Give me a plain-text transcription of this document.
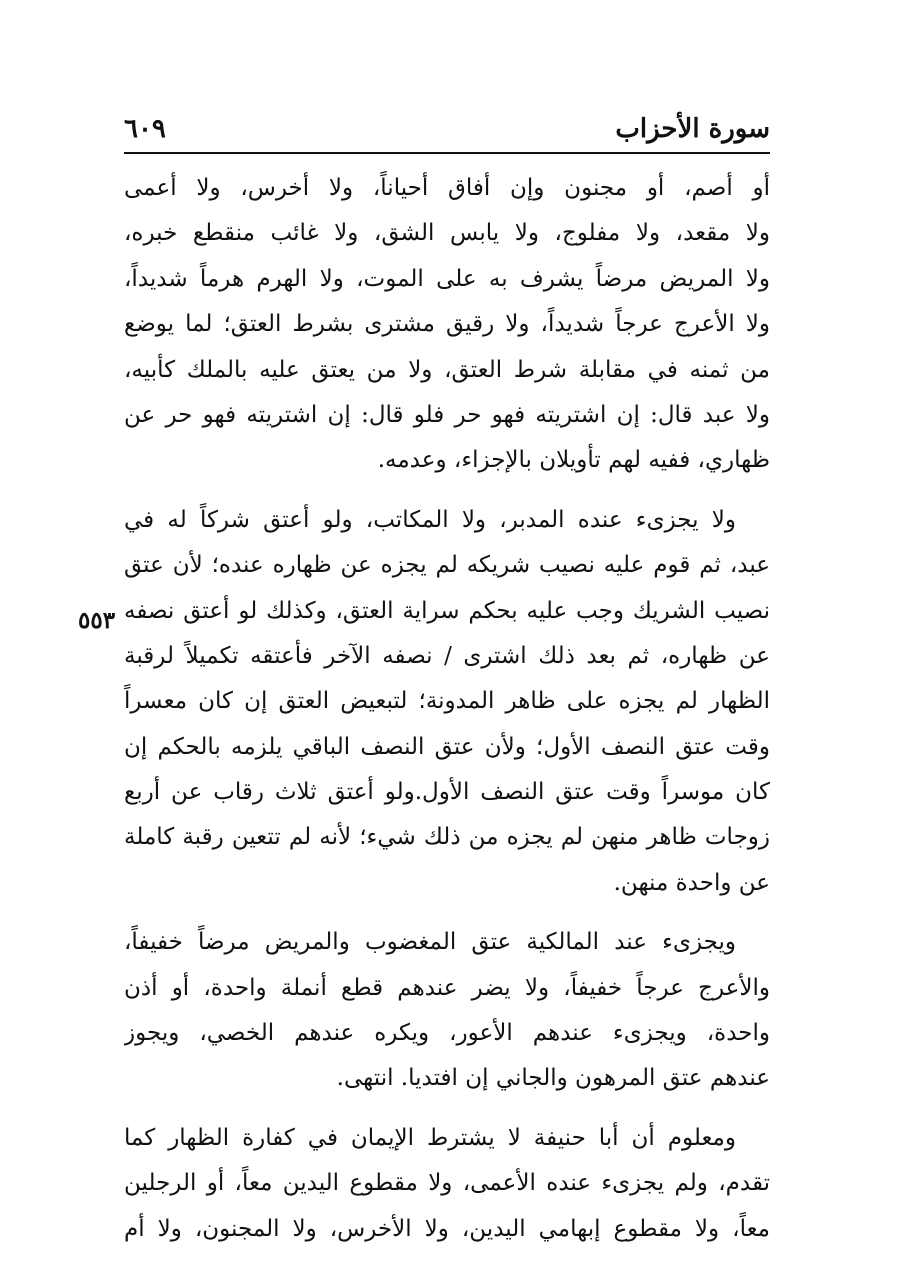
سورة الأحزاب
٦٠٩
٥٥٣

أو أصم، أو مجنون وإن أفاق أحياناً، ولا أخرس، ولا أعمى
ولا مقعد، ولا مفلوج، ولا يابس الشق، ولا غائب منقطع خبره،
ولا المريض مرضاً يشرف به على الموت، ولا الهرم هرماً شديداً،
ولا الأعرج عرجاً شديداً، ولا رقيق مشترى بشرط العتق؛ لما يوضع
من ثمنه في مقابلة شرط العتق، ولا من يعتق عليه بالملك كأبيه،
ولا عبد قال: إن اشتريته فهو حر فلو قال: إن اشتريته فهو حر عن
ظهاري، ففيه لهم تأويلان بالإجزاء، وعدمه.

ولا يجزىء عنده المدبر، ولا المكاتب، ولو أعتق شركاً له في
عبد، ثم قوم عليه نصيب شريكه لم يجزه عن ظهاره عنده؛ لأن عتق
نصيب الشريك وجب عليه بحكم سراية العتق، وكذلك لو أعتق نصفه
عن ظهاره، ثم بعد ذلك اشترى / نصفه الآخر فأعتقه تكميلاً لرقبة
الظهار لم يجزه على ظاهر المدونة؛ لتبعيض العتق إن كان معسراً
وقت عتق النصف الأول؛ ولأن عتق النصف الباقي يلزمه بالحكم إن
كان موسراً وقت عتق النصف الأول.ولو أعتق ثلاث رقاب عن أربع
زوجات ظاهر منهن لم يجزه من ذلك شيء؛ لأنه لم تتعين رقبة كاملة
عن واحدة منهن.

ويجزىء عند المالكية عتق المغضوب والمريض مرضاً خفيفاً،
والأعرج عرجاً خفيفاً، ولا يضر عندهم قطع أنملة واحدة، أو أذن
واحدة، ويجزىء عندهم الأعور، ويكره عندهم الخصي، ويجوز
عندهم عتق المرهون والجاني إن افتديا. انتهى.

ومعلوم أن أبا حنيفة لا يشترط الإيمان في كفارة الظهار كما
تقدم، ولم يجزىء عنده الأعمى، ولا مقطوع اليدين معاً، أو الرجلين
معاً، ولا مقطوع إبهامي اليدين، ولا الأخرس، ولا المجنون، ولا أم
